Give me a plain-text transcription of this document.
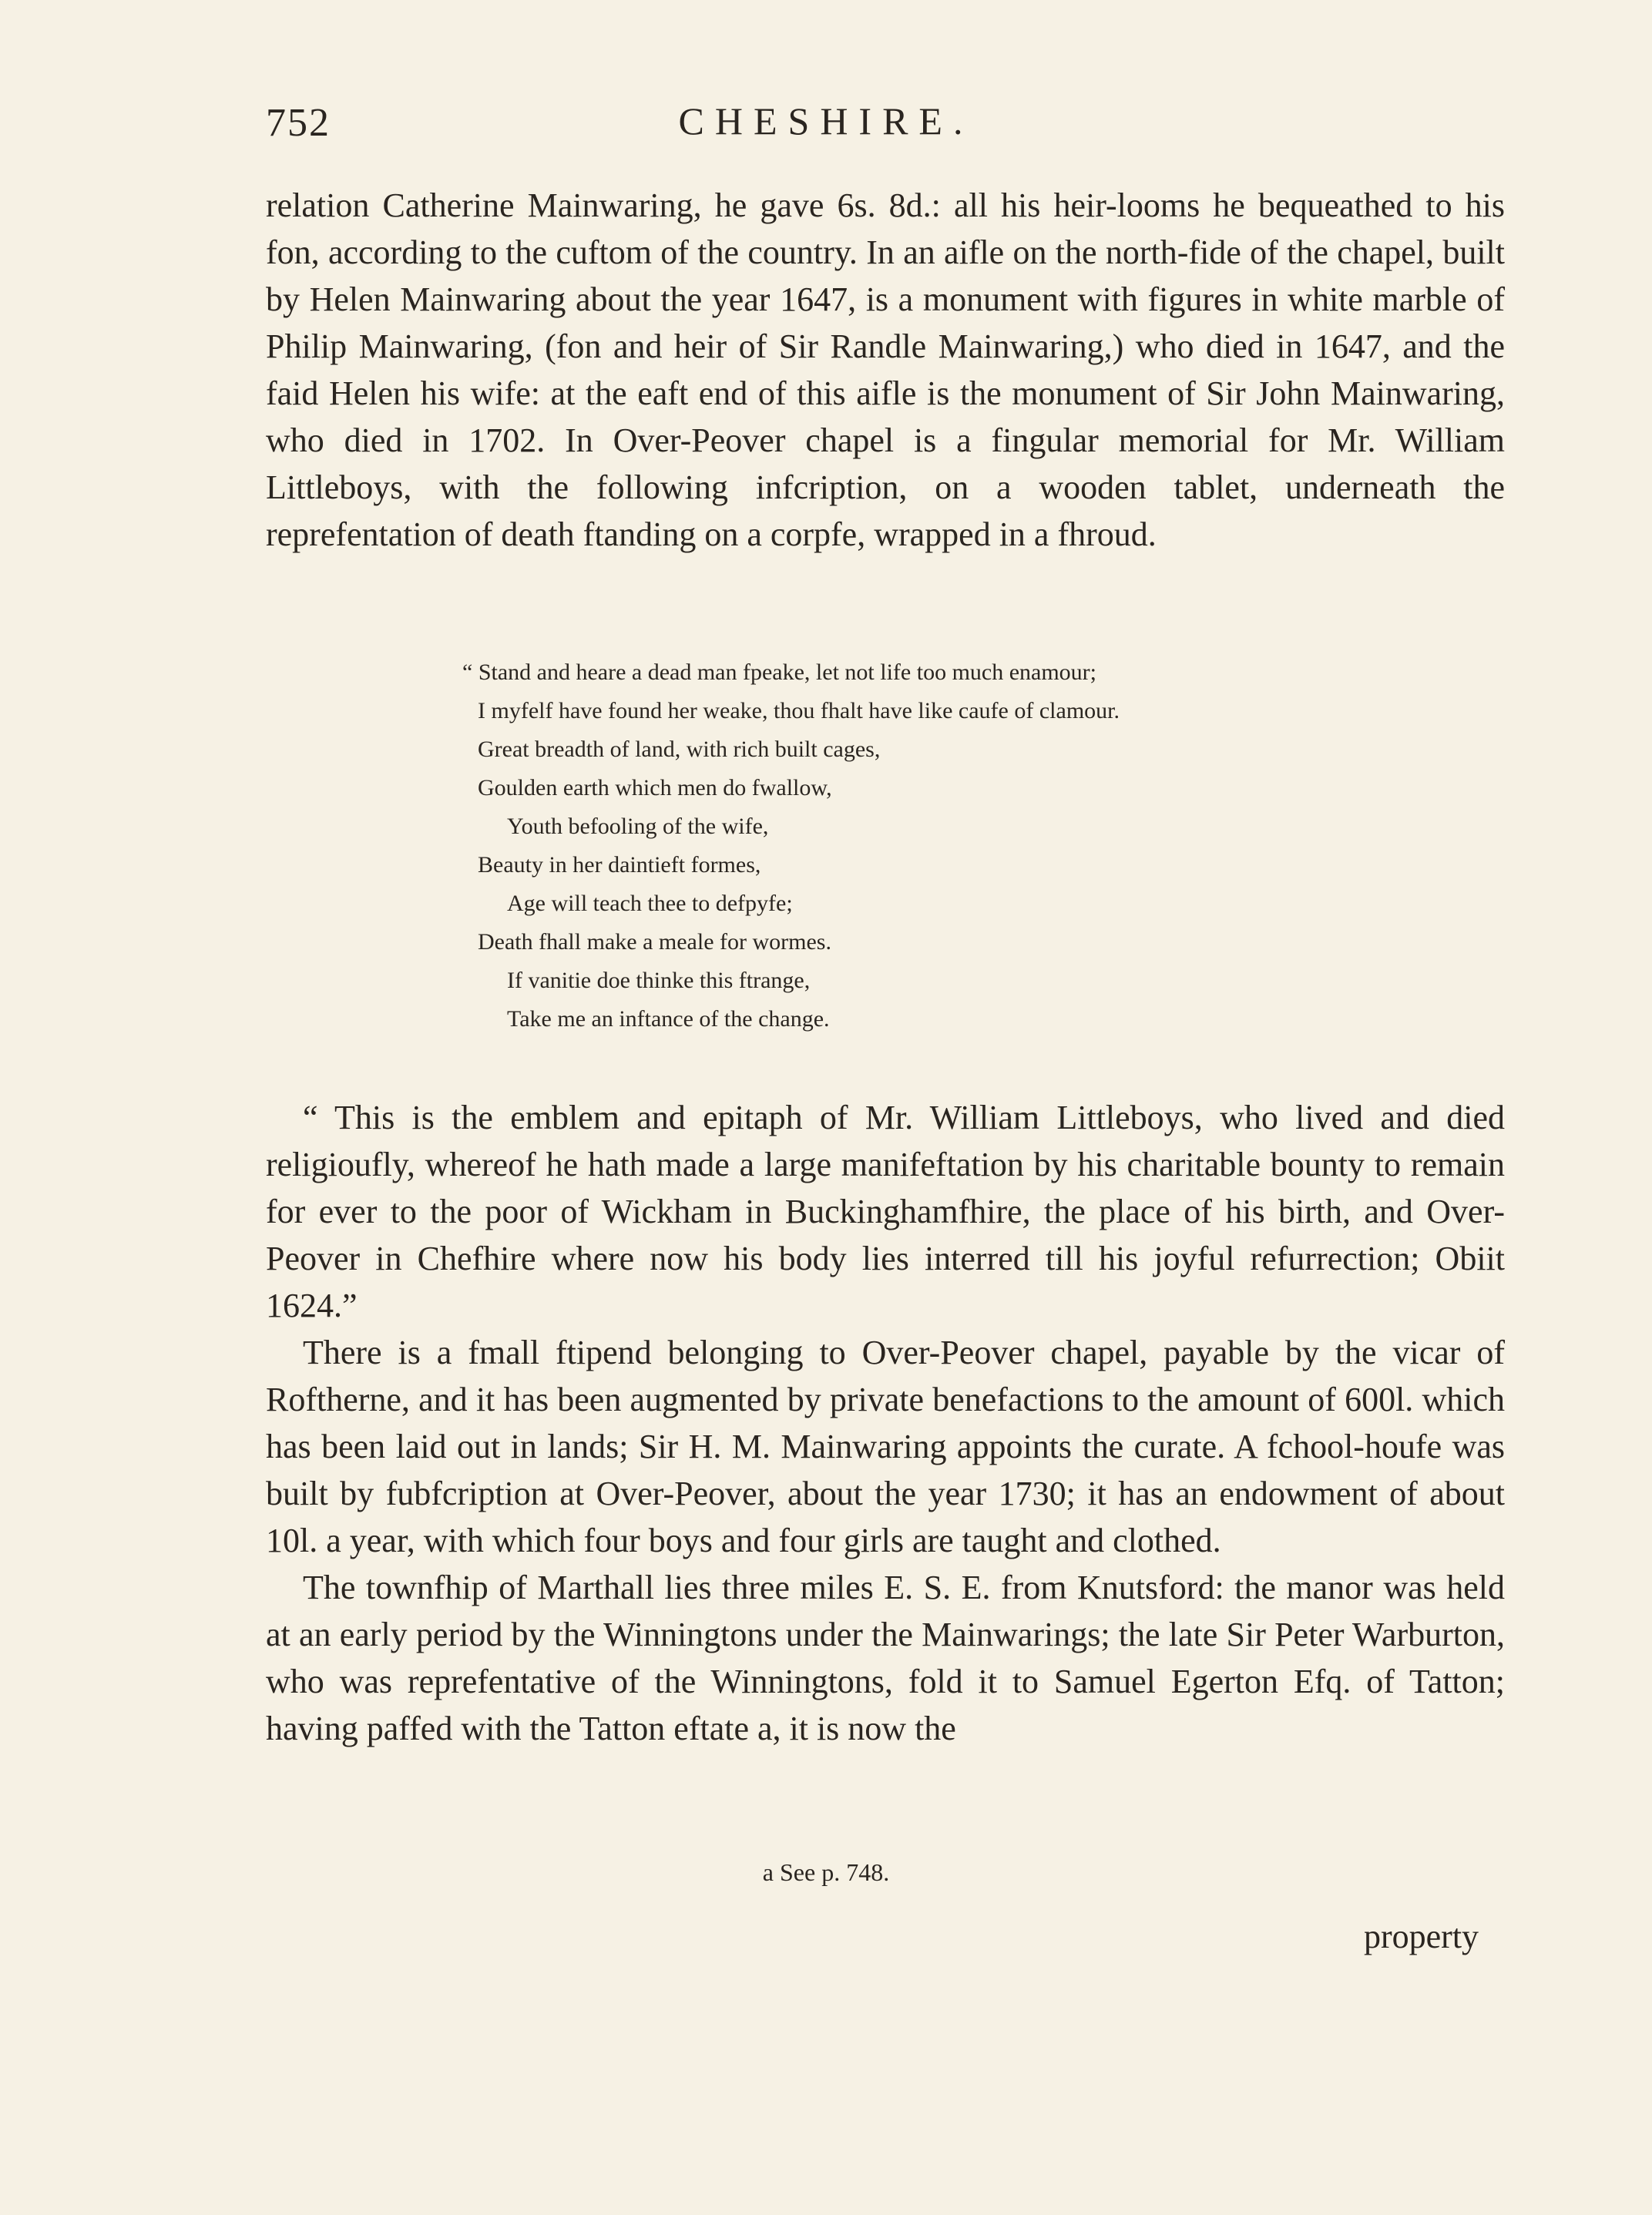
752	CHESHIRE.

relation Catherine Mainwaring, he gave 6s. 8d.: all his heir-looms he bequeathed to his fon, according to the cuftom of the country. In an aifle on the north-fide of the chapel, built by Helen Mainwaring about the year 1647, is a monument with figures in white marble of Philip Mainwaring, (fon and heir of Sir Randle Mainwaring,) who died in 1647, and the faid Helen his wife: at the eaft end of this aifle is the monument of Sir John Mainwaring, who died in 1702. In Over-Peover chapel is a fingular memorial for Mr. William Littleboys, with the following infcription, on a wooden tablet, underneath the reprefentation of death ftanding on a corpfe, wrapped in a fhroud.

“ Stand and heare a dead man fpeake, let not life too much enamour;
I myfelf have found her weake, thou fhalt have like caufe of clamour.
Great breadth of land, with rich built cages,
Goulden earth which men do fwallow,
Youth befooling of the wife,
Beauty in her daintieft formes,
Age will teach thee to defpyfe;
Death fhall make a meale for wormes.
If vanitie doe thinke this ftrange,
Take me an inftance of the change.

“ This is the emblem and epitaph of Mr. William Littleboys, who lived and died religioufly, whereof he hath made a large manifeftation by his charitable bounty to remain for ever to the poor of Wickham in Buckinghamfhire, the place of his birth, and Over-Peover in Chefhire where now his body lies interred till his joyful refurrection; Obiit 1624.”

There is a fmall ftipend belonging to Over-Peover chapel, payable by the vicar of Roftherne, and it has been augmented by private benefactions to the amount of 600l. which has been laid out in lands; Sir H. M. Mainwaring appoints the curate. A fchool-houfe was built by fubfcription at Over-Peover, about the year 1730; it has an endowment of about 10l. a year, with which four boys and four girls are taught and clothed.

The townfhip of Marthall lies three miles E. S. E. from Knutsford: the manor was held at an early period by the Winningtons under the Mainwarings; the late Sir Peter Warburton, who was reprefentative of the Winningtons, fold it to Samuel Egerton Efq. of Tatton; having paffed with the Tatton eftate a, it is now the

a See p. 748.
property
